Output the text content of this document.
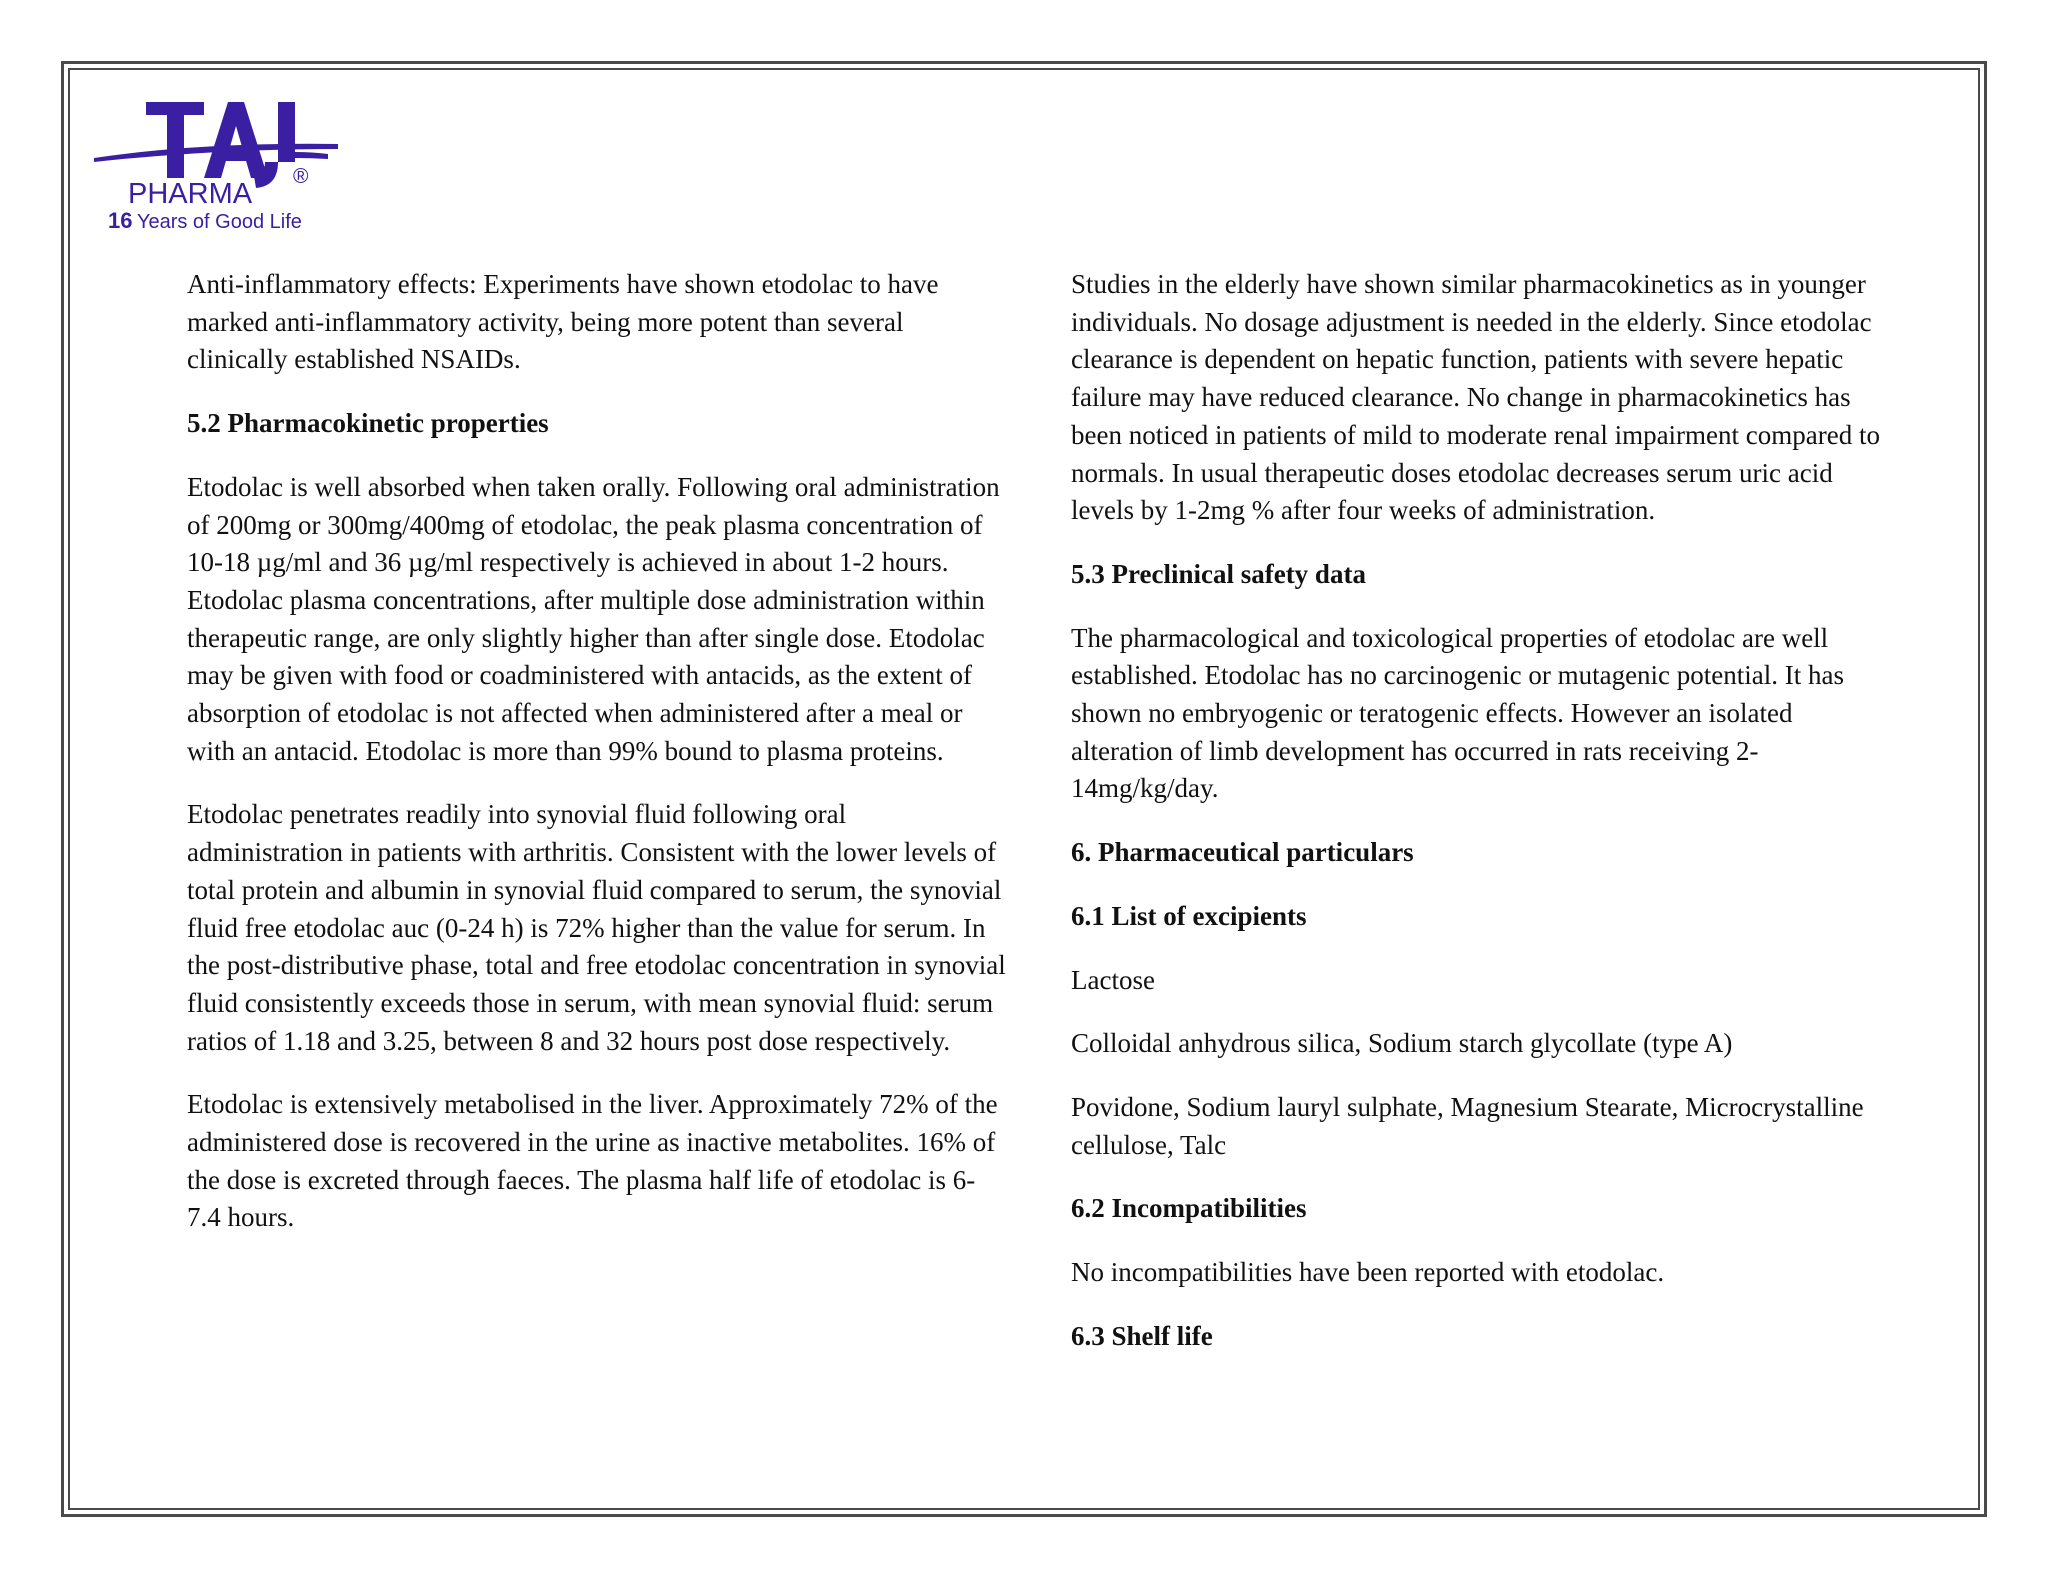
PHARMA
®
16 Years of Good Life

Anti-inflammatory effects: Experiments have shown etodolac to have marked anti-inflammatory activity, being more potent than several clinically established NSAIDs.

5.2 Pharmacokinetic properties

Etodolac is well absorbed when taken orally. Following oral administration of 200mg or 300mg/400mg of etodolac, the peak plasma concentration of 10-18 µg/ml and 36 µg/ml respectively is achieved in about 1-2 hours. Etodolac plasma concentrations, after multiple dose administration within therapeutic range, are only slightly higher than after single dose. Etodolac may be given with food or coadministered with antacids, as the extent of absorption of etodolac is not affected when administered after a meal or with an antacid. Etodolac is more than 99% bound to plasma proteins.

Etodolac penetrates readily into synovial fluid following oral administration in patients with arthritis. Consistent with the lower levels of total protein and albumin in synovial fluid compared to serum, the synovial fluid free etodolac auc (0-24 h) is 72% higher than the value for serum. In the post-distributive phase, total and free etodolac concentration in synovial fluid consistently exceeds those in serum, with mean synovial fluid: serum ratios of 1.18 and 3.25, between 8 and 32 hours post dose respectively.

Etodolac is extensively metabolised in the liver. Approximately 72% of the administered dose is recovered in the urine as inactive metabolites. 16% of the dose is excreted through faeces. The plasma half life of etodolac is 6-7.4 hours.

Studies in the elderly have shown similar pharmacokinetics as in younger individuals. No dosage adjustment is needed in the elderly. Since etodolac clearance is dependent on hepatic function, patients with severe hepatic failure may have reduced clearance. No change in pharmacokinetics has been noticed in patients of mild to moderate renal impairment compared to normals. In usual therapeutic doses etodolac decreases serum uric acid levels by 1-2mg % after four weeks of administration.

5.3 Preclinical safety data

The pharmacological and toxicological properties of etodolac are well established. Etodolac has no carcinogenic or mutagenic potential. It has shown no embryogenic or teratogenic effects. However an isolated alteration of limb development has occurred in rats receiving 2-14mg/kg/day.

6. Pharmaceutical particulars
6.1 List of excipients

Lactose

Colloidal anhydrous silica, Sodium starch glycollate (type A)

Povidone, Sodium lauryl sulphate, Magnesium Stearate, Microcrystalline cellulose, Talc

6.2 Incompatibilities

No incompatibilities have been reported with etodolac.

6.3 Shelf life
